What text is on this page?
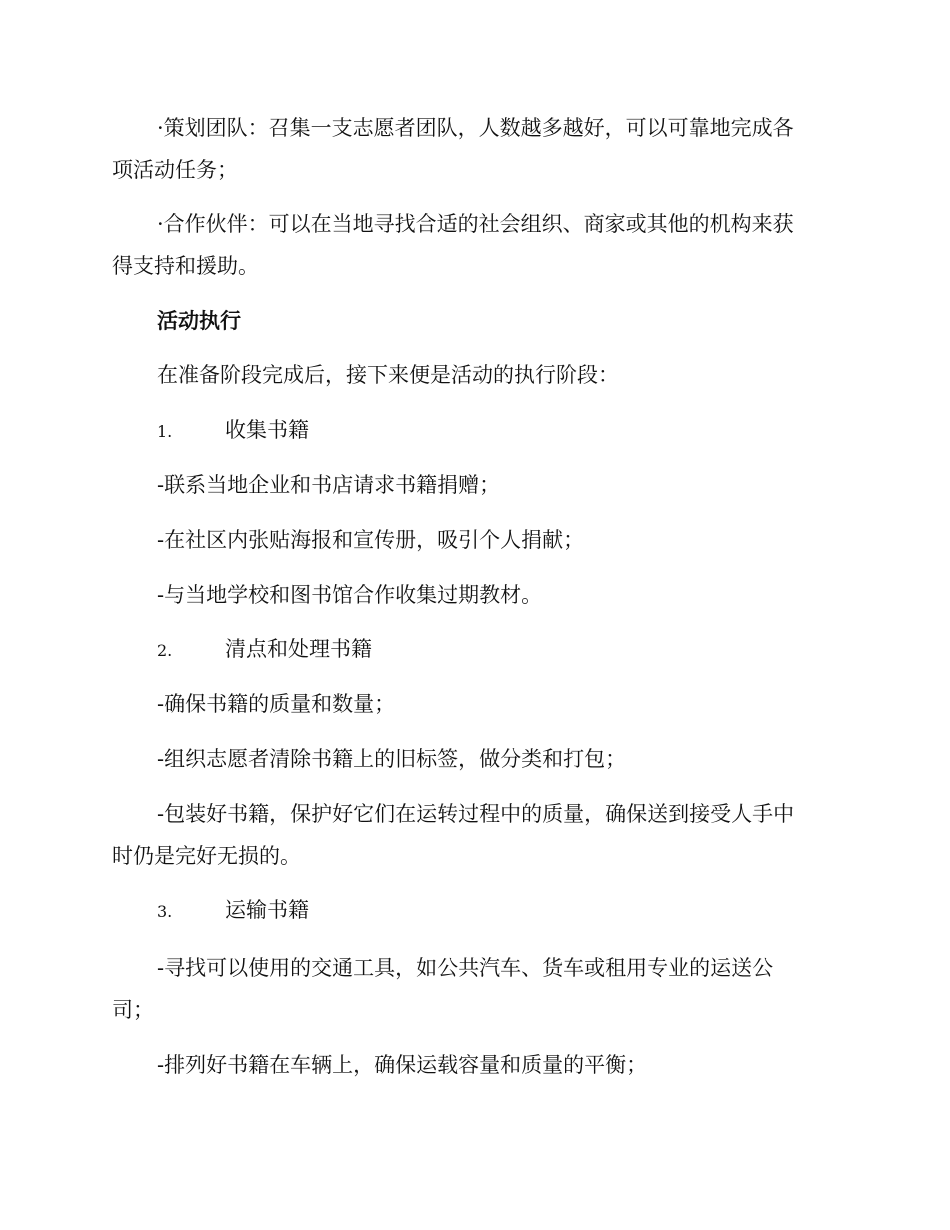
·策划团队：召集一支志愿者团队，人数越多越好，可以可靠地完成各
项活动任务；
·合作伙伴：可以在当地寻找合适的社会组织、商家或其他的机构来获
得支持和援助。
活动执行
在准备阶段完成后，接下来便是活动的执行阶段：
1.	收集书籍
-联系当地企业和书店请求书籍捐赠；
-在社区内张贴海报和宣传册，吸引个人捐献；
-与当地学校和图书馆合作收集过期教材。
2.	清点和处理书籍
-确保书籍的质量和数量；
-组织志愿者清除书籍上的旧标签，做分类和打包；
-包装好书籍，保护好它们在运转过程中的质量，确保送到接受人手中
时仍是完好无损的。
3.	运输书籍
-寻找可以使用的交通工具，如公共汽车、货车或租用专业的运送公
司；
-排列好书籍在车辆上，确保运载容量和质量的平衡；
